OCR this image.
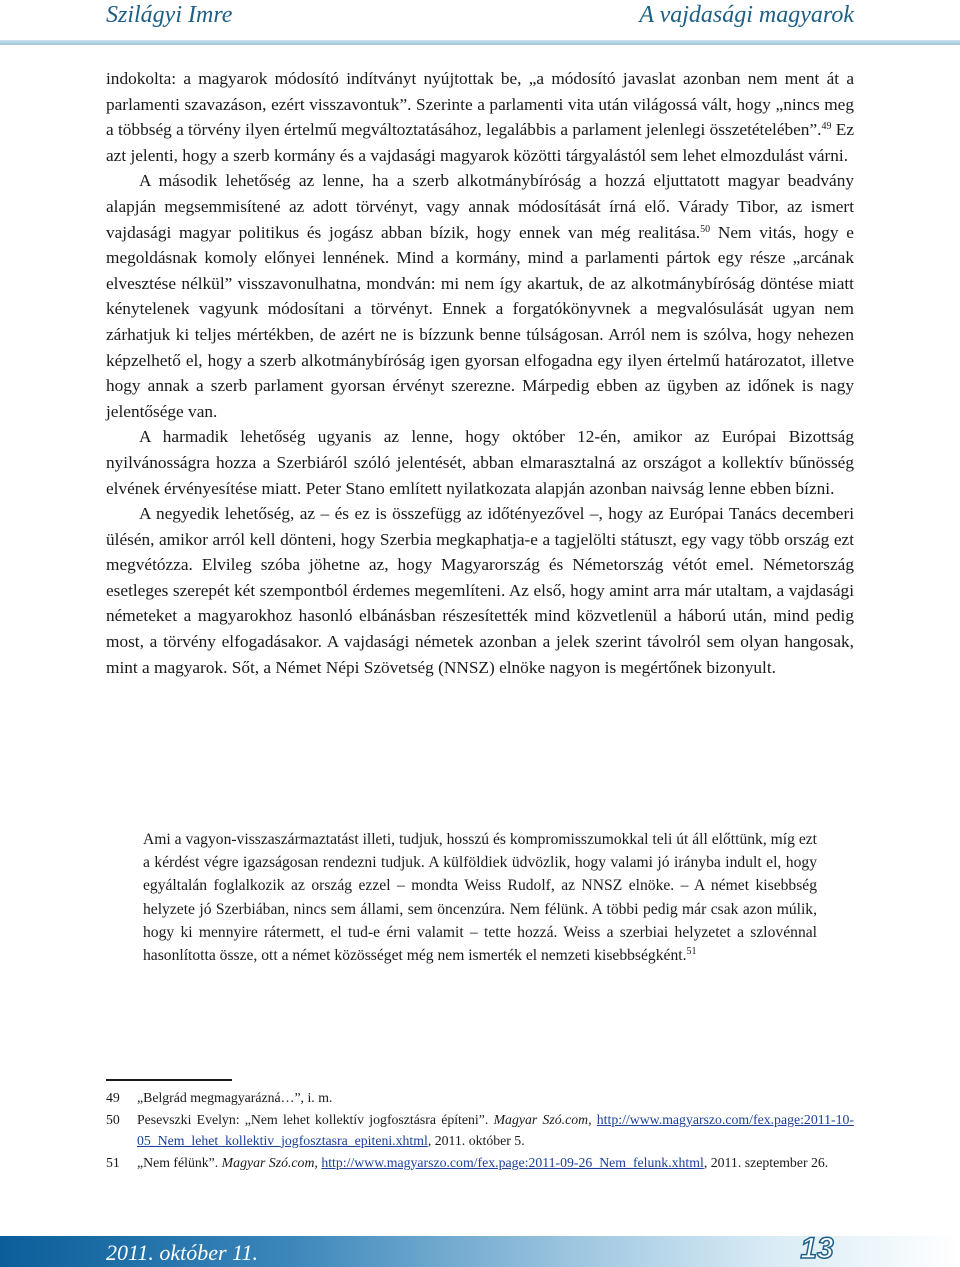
Szilágyi Imre	A vajdasági magyarok

indokolta: a magyarok módosító indítványt nyújtottak be, „a módosító javaslat azonban nem ment át a parlamenti szavazáson, ezért visszavontuk”. Szerinte a parlamenti vita után világossá vált, hogy „nincs meg a többség a törvény ilyen értelmű megváltoztatásához, legalábbis a parlament jelenlegi összetételében”.$^{49}$ Ez azt jelenti, hogy a szerb kormány és a vajdasági magyarok közötti tárgyalástól sem lehet elmozdulást várni.

A második lehetőség az lenne, ha a szerb alkotmánybíróság a hozzá eljuttatott magyar beadvány alapján megsemmisítené az adott törvényt, vagy annak módosítását írná elő. Várady Tibor, az ismert vajdasági magyar politikus és jogász abban bízik, hogy ennek van még realitása.$^{50}$ Nem vitás, hogy e megoldásnak komoly előnyei lennének. Mind a kormány, mind a parlamenti pártok egy része „arcának elvesztése nélkül” visszavonulhatna, mondván: mi nem így akartuk, de az alkotmánybíróság döntése miatt kénytelenek vagyunk módosítani a törvényt. Ennek a forgatókönyvnek a megvalósulását ugyan nem zárhatjuk ki teljes mértékben, de azért ne is bízzunk benne túlságosan. Arról nem is szólva, hogy nehezen képzelhető el, hogy a szerb alkotmánybíróság igen gyorsan elfogadna egy ilyen értelmű határozatot, illetve hogy annak a szerb parlament gyorsan érvényt szerezne. Márpedig ebben az ügyben az időnek is nagy jelentősége van.

A harmadik lehetőség ugyanis az lenne, hogy október 12-én, amikor az Európai Bizottság nyilvánosságra hozza a Szerbiáról szóló jelentését, abban elmarasztalná az országot a kollektív bűnösség elvének érvényesítése miatt. Peter Stano említett nyilatkozata alapján azonban naivság lenne ebben bízni.

A negyedik lehetőség, az – és ez is összefügg az időtényezővel –, hogy az Európai Tanács decemberi ülésén, amikor arról kell dönteni, hogy Szerbia megkaphatja-e a tagjelölti státuszt, egy vagy több ország ezt megvétózza. Elvileg szóba jöhetne az, hogy Magyarország és Németország vétót emel. Németország esetleges szerepét két szempontból érdemes megemlíteni. Az első, hogy amint arra már utaltam, a vajdasági németeket a magyarokhoz hasonló elbánásban részesítették mind közvetlenül a háború után, mind pedig most, a törvény elfogadásakor. A vajdasági németek azonban a jelek szerint távolról sem olyan hangosak, mint a magyarok. Sőt, a Német Népi Szövetség (NNSZ) elnöke nagyon is megértőnek bizonyult.

Ami a vagyon-visszaszármaztatást illeti, tudjuk, hosszú és kompromisszumokkal teli út áll előttünk, míg ezt a kérdést végre igazságosan rendezni tudjuk. A külföldiek üdvözlik, hogy valami jó irányba indult el, hogy egyáltalán foglalkozik az ország ezzel – mondta Weiss Rudolf, az NNSZ elnöke. – A német kisebbség helyzete jó Szerbiában, nincs sem állami, sem öncenzúra. Nem félünk. A többi pedig már csak azon múlik, hogy ki mennyire rátermett, el tud-e érni valamit – tette hozzá. Weiss a szerbiai helyzetet a szlovénnal hasonlította össze, ott a német közösséget még nem ismerték el nemzeti kisebbségként.$^{51}$

49	„Belgrád megmagyarázná…”, i. m.
50	Pesevszki Evelyn: „Nem lehet kollektív jogfosztásra építeni”. Magyar Szó.com, http://www.magyarszo.com/fex.page:2011-10-05_Nem_lehet_kollektiv_jogfosztasra_epiteni.xhtml, 2011. október 5.
51	„Nem félünk”. Magyar Szó.com, http://www.magyarszo.com/fex.page:2011-09-26_Nem_felunk.xhtml, 2011. szeptember 26.
2011. október 11.	13
